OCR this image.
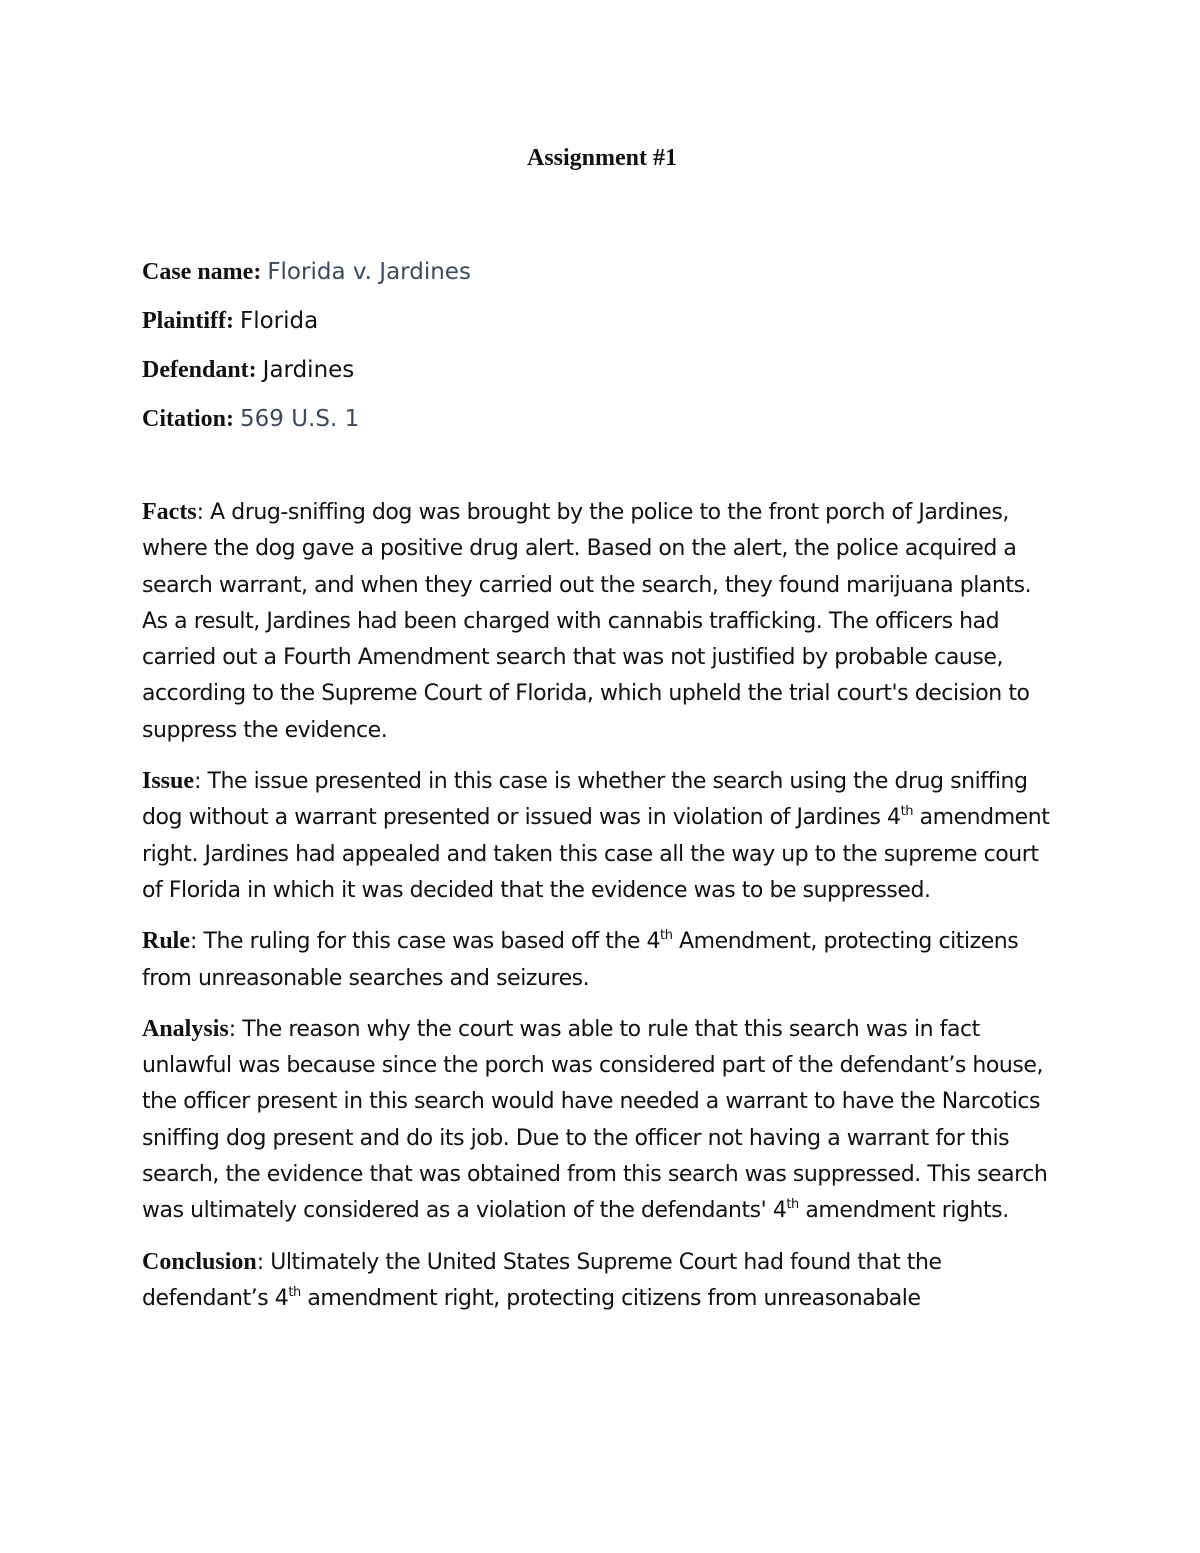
Assignment #1
Case name: Florida v. Jardines
Plaintiff: Florida
Defendant: Jardines
Citation: 569 U.S. 1

Facts: A drug-sniffing dog was brought by the police to the front porch of Jardines, where the dog gave a positive drug alert. Based on the alert, the police acquired a search warrant, and when they carried out the search, they found marijuana plants. As a result, Jardines had been charged with cannabis trafficking. The officers had carried out a Fourth Amendment search that was not justified by probable cause, according to the Supreme Court of Florida, which upheld the trial court's decision to suppress the evidence.

Issue: The issue presented in this case is whether the search using the drug sniffing dog without a warrant presented or issued was in violation of Jardines 4th amendment right. Jardines had appealed and taken this case all the way up to the supreme court of Florida in which it was decided that the evidence was to be suppressed.

Rule: The ruling for this case was based off the 4th Amendment, protecting citizens from unreasonable searches and seizures.

Analysis: The reason why the court was able to rule that this search was in fact unlawful was because since the porch was considered part of the defendant’s house, the officer present in this search would have needed a warrant to have the Narcotics sniffing dog present and do its job. Due to the officer not having a warrant for this search, the evidence that was obtained from this search was suppressed. This search was ultimately considered as a violation of the defendants' 4th amendment rights.

Conclusion: Ultimately the United States Supreme Court had found that the defendant’s 4th amendment right, protecting citizens from unreasonabale
